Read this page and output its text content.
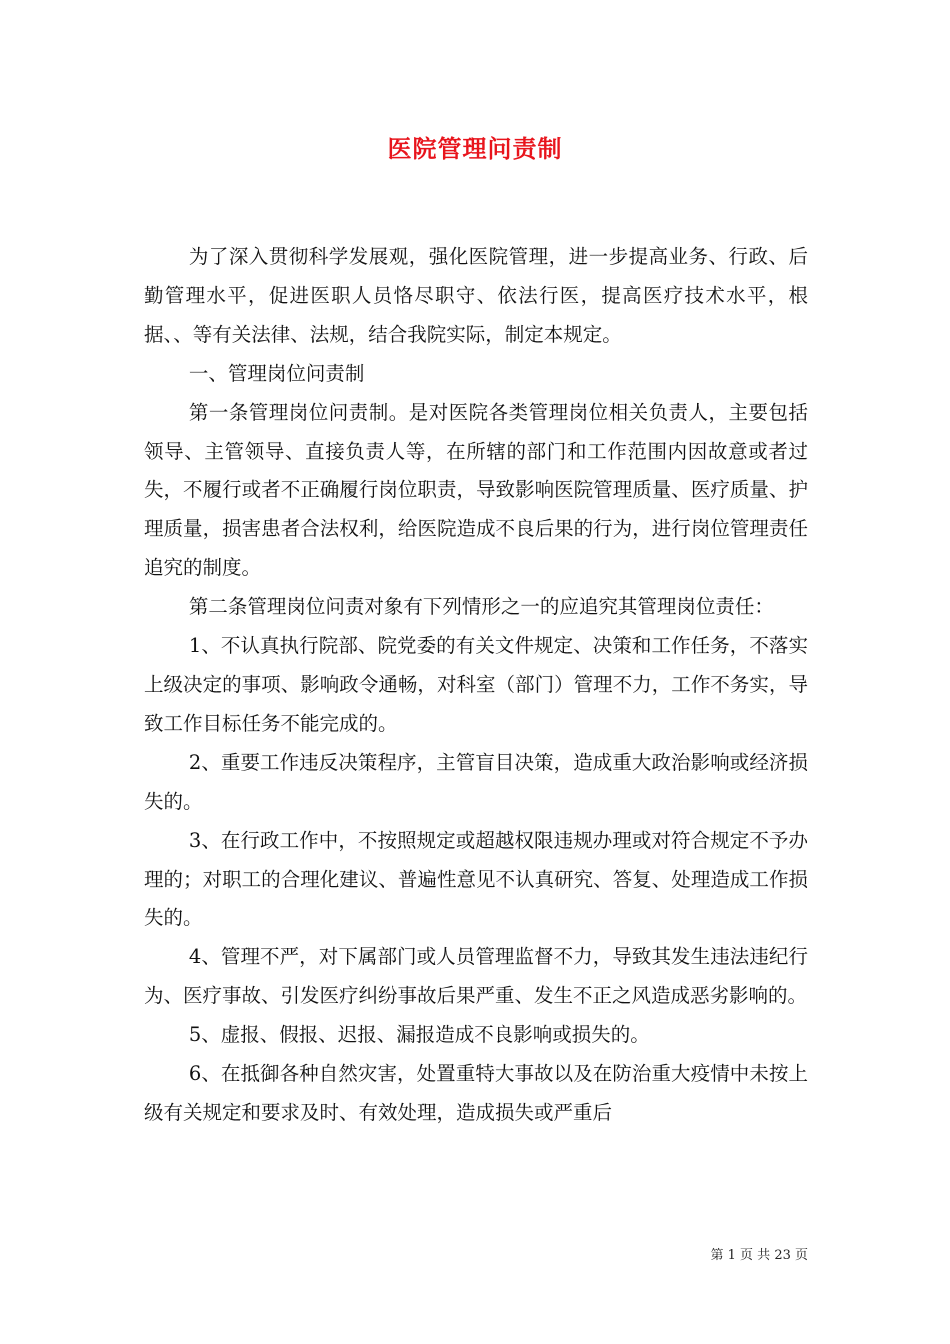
医院管理问责制

为了深入贯彻科学发展观，强化医院管理，进一步提高业务、行政、后勤管理水平，促进医职人员恪尽职守、依法行医，提高医疗技术水平，根据、、等有关法律、法规，结合我院实际，制定本规定。

一、管理岗位问责制

第一条管理岗位问责制。是对医院各类管理岗位相关负责人，主要包括领导、主管领导、直接负责人等，在所辖的部门和工作范围内因故意或者过失，不履行或者不正确履行岗位职责，导致影响医院管理质量、医疗质量、护理质量，损害患者合法权利，给医院造成不良后果的行为，进行岗位管理责任追究的制度。

第二条管理岗位问责对象有下列情形之一的应追究其管理岗位责任：

1、不认真执行院部、院党委的有关文件规定、决策和工作任务，不落实上级决定的事项、影响政令通畅，对科室（部门）管理不力，工作不务实，导致工作目标任务不能完成的。

2、重要工作违反决策程序，主管盲目决策，造成重大政治影响或经济损失的。

3、在行政工作中，不按照规定或超越权限违规办理或对符合规定不予办理的；对职工的合理化建议、普遍性意见不认真研究、答复、处理造成工作损失的。

4、管理不严，对下属部门或人员管理监督不力，导致其发生违法违纪行为、医疗事故、引发医疗纠纷事故后果严重、发生不正之风造成恶劣影响的。

5、虚报、假报、迟报、漏报造成不良影响或损失的。

6、在抵御各种自然灾害，处置重特大事故以及在防治重大疫情中未按上级有关规定和要求及时、有效处理，造成损失或严重后

第 1 页 共 23 页
